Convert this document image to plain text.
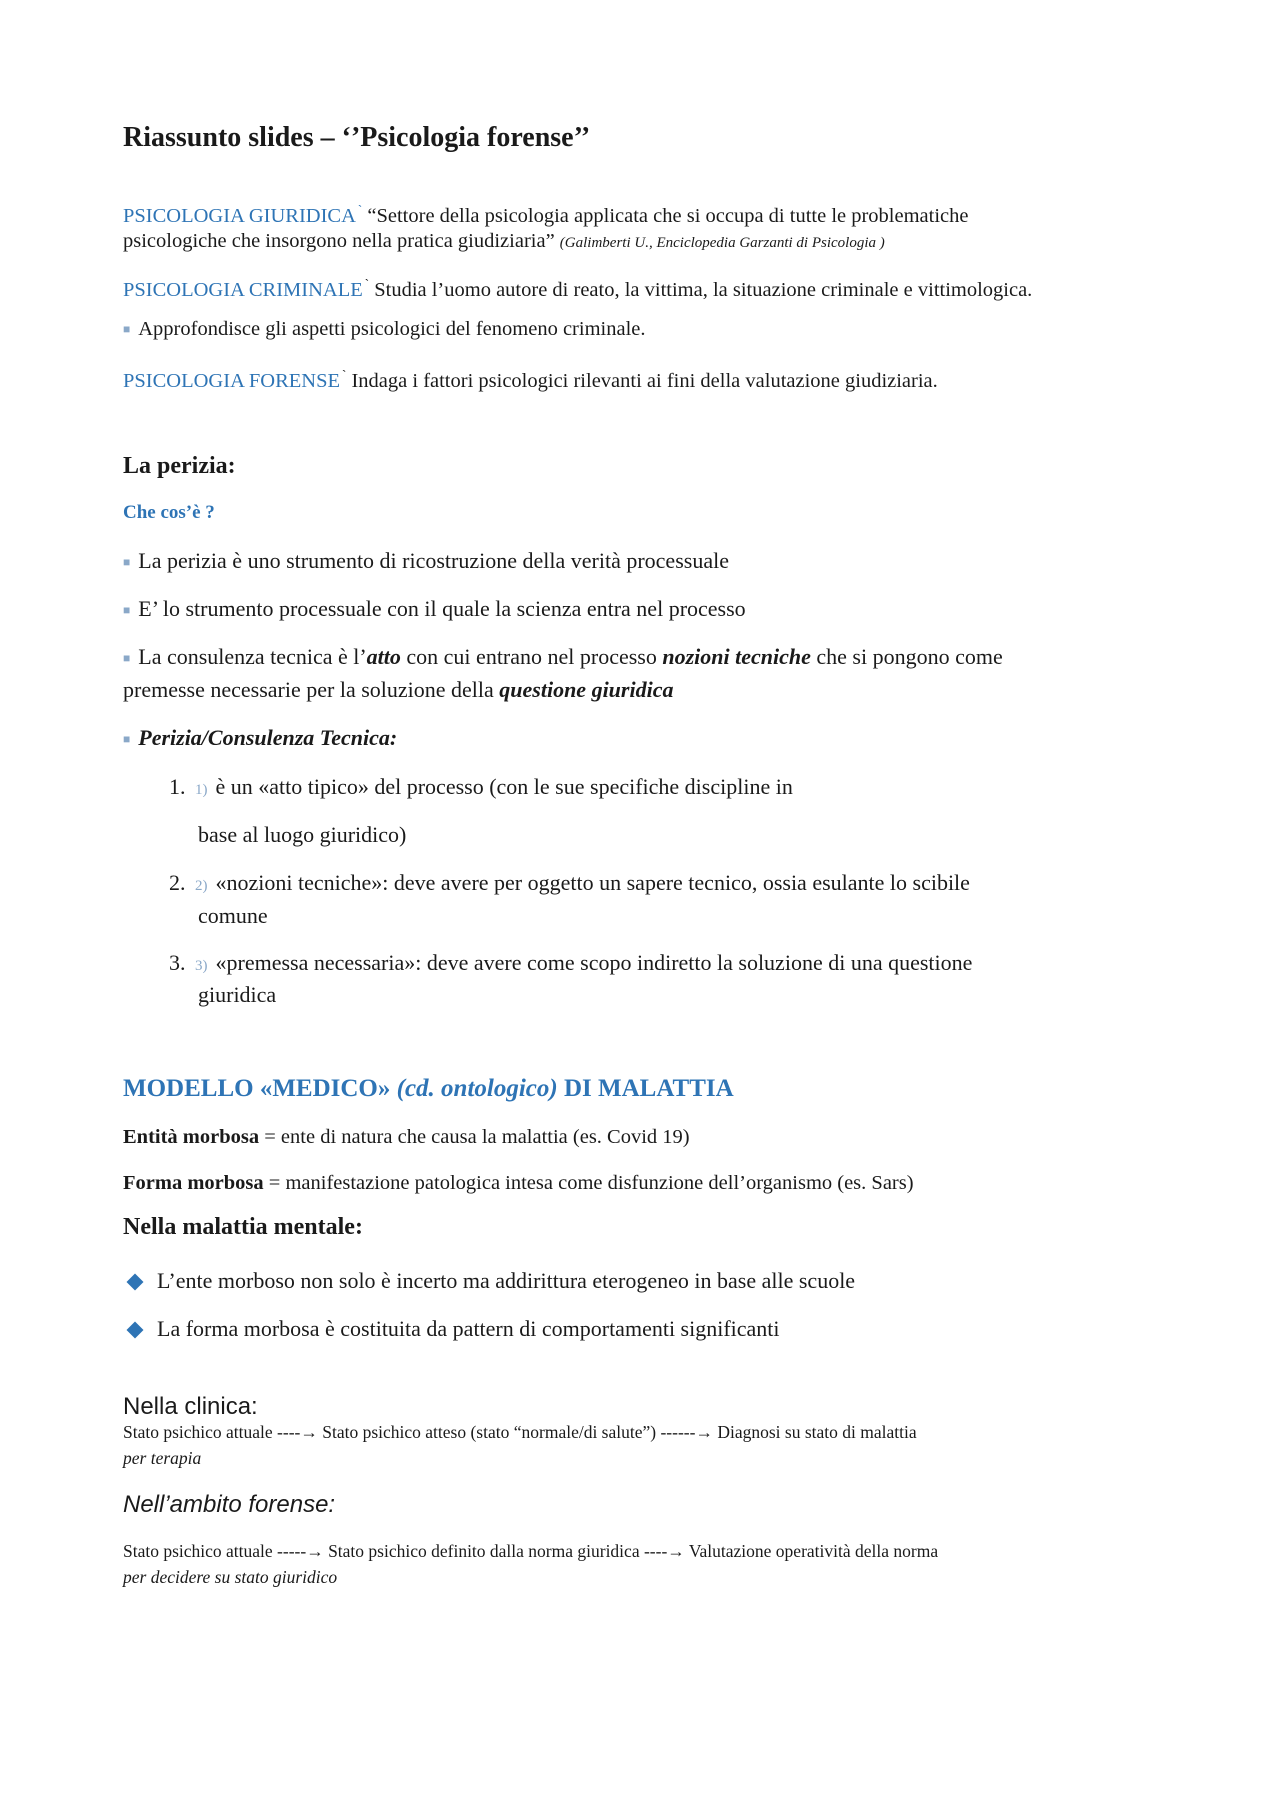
Riassunto slides – ‘’Psicologia forense’’
PSICOLOGIA GIURIDICA ` “Settore della psicologia applicata che si occupa di tutte le problematiche
psicologiche che insorgono nella pratica giudiziaria” (Galimberti U., Enciclopedia Garzanti di Psicologia )
PSICOLOGIA CRIMINALE ` Studia l’uomo autore di reato, la vittima, la situazione criminale e vittimologica.
■ Approfondisce gli aspetti psicologici del fenomeno criminale.
PSICOLOGIA FORENSE ` Indaga i fattori psicologici rilevanti ai fini della valutazione giudiziaria.
La perizia:
Che cos’è ?
■ La perizia è uno strumento di ricostruzione della verità processuale
■ E’ lo strumento processuale con il quale la scienza entra nel processo
■ La consulenza tecnica è l’atto con cui entrano nel processo nozioni tecniche che si pongono come
premesse necessarie per la soluzione della questione giuridica
■ Perizia/Consulenza Tecnica:
1. 1) è un «atto tipico» del processo (con le sue specifiche discipline in
base al luogo giuridico)
2. 2) «nozioni tecniche»: deve avere per oggetto un sapere tecnico, ossia esulante lo scibile
comune
3. 3) «premessa necessaria»: deve avere come scopo indiretto la soluzione di una questione
giuridica
MODELLO «MEDICO» (cd. ontologico) DI MALATTIA
Entità morbosa = ente di natura che causa la malattia (es. Covid 19)
Forma morbosa = manifestazione patologica intesa come disfunzione dell’organismo (es. Sars)
Nella malattia mentale:
L’ente morboso non solo è incerto ma addirittura eterogeneo in base alle scuole
La forma morbosa è costituita da pattern di comportamenti significanti
Nella clinica:
Stato psichico attuale ----→ Stato psichico atteso (stato “normale/di salute”) ------→ Diagnosi su stato di malattia
per terapia
Nell’ambito forense:
Stato psichico attuale -----→ Stato psichico definito dalla norma giuridica ----→ Valutazione operatività della norma
per decidere su stato giuridico
